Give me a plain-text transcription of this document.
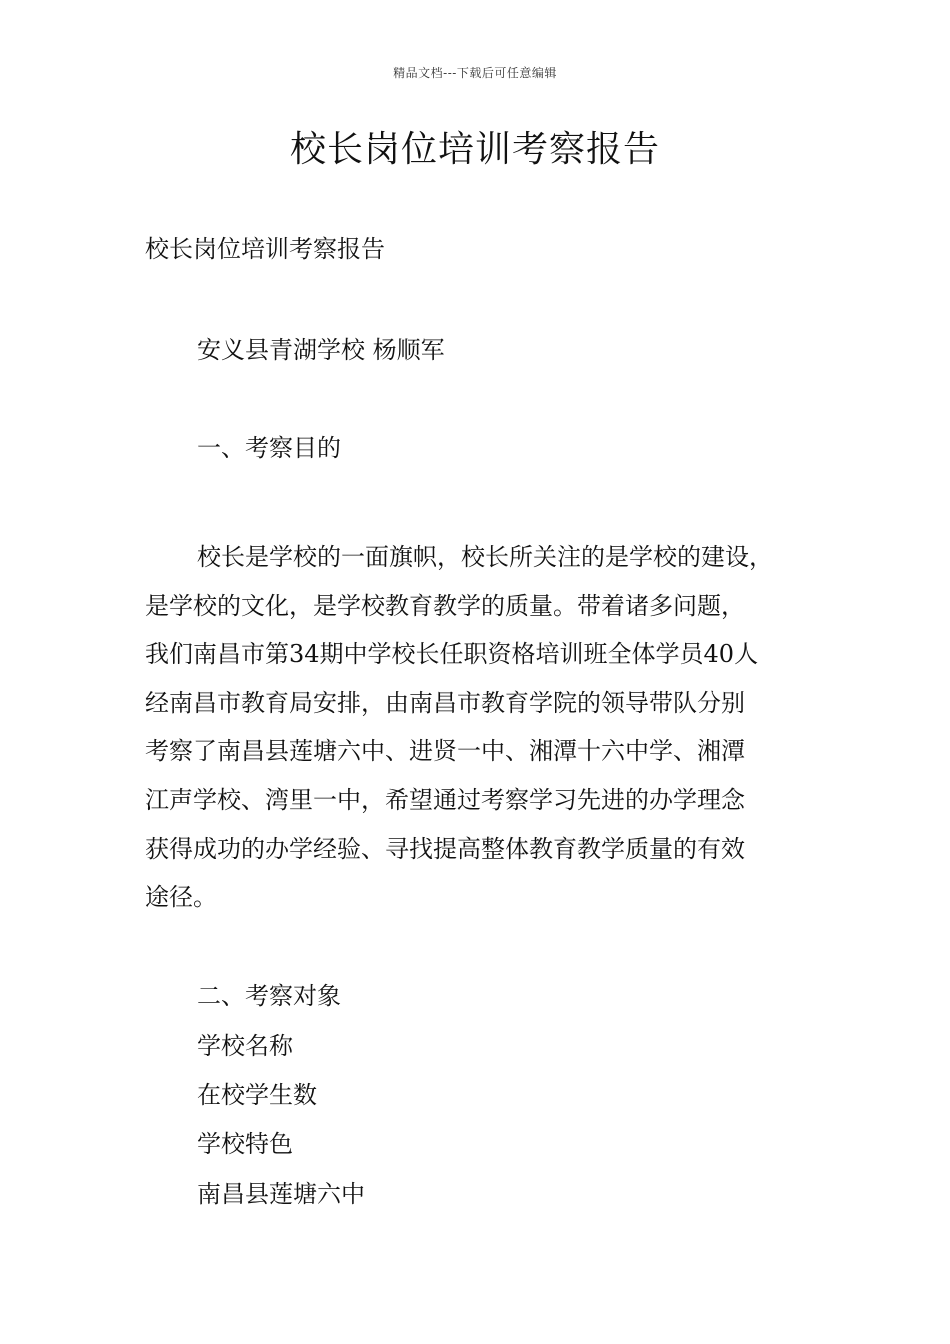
精品文档---下载后可任意编辑
校长岗位培训考察报告
校长岗位培训考察报告
安义县青湖学校 杨顺军
一、考察目的
校长是学校的一面旗帜，校长所关注的是学校的建设，
是学校的文化，是学校教育教学的质量。带着诸多问题，
我们南昌市第34期中学校长任职资格培训班全体学员40人
经南昌市教育局安排，由南昌市教育学院的领导带队分别
考察了南昌县莲塘六中、进贤一中、湘潭十六中学、湘潭
江声学校、湾里一中，希望通过考察学习先进的办学理念
获得成功的办学经验、寻找提高整体教育教学质量的有效
途径。
二、考察对象
学校名称
在校学生数
学校特色
南昌县莲塘六中
